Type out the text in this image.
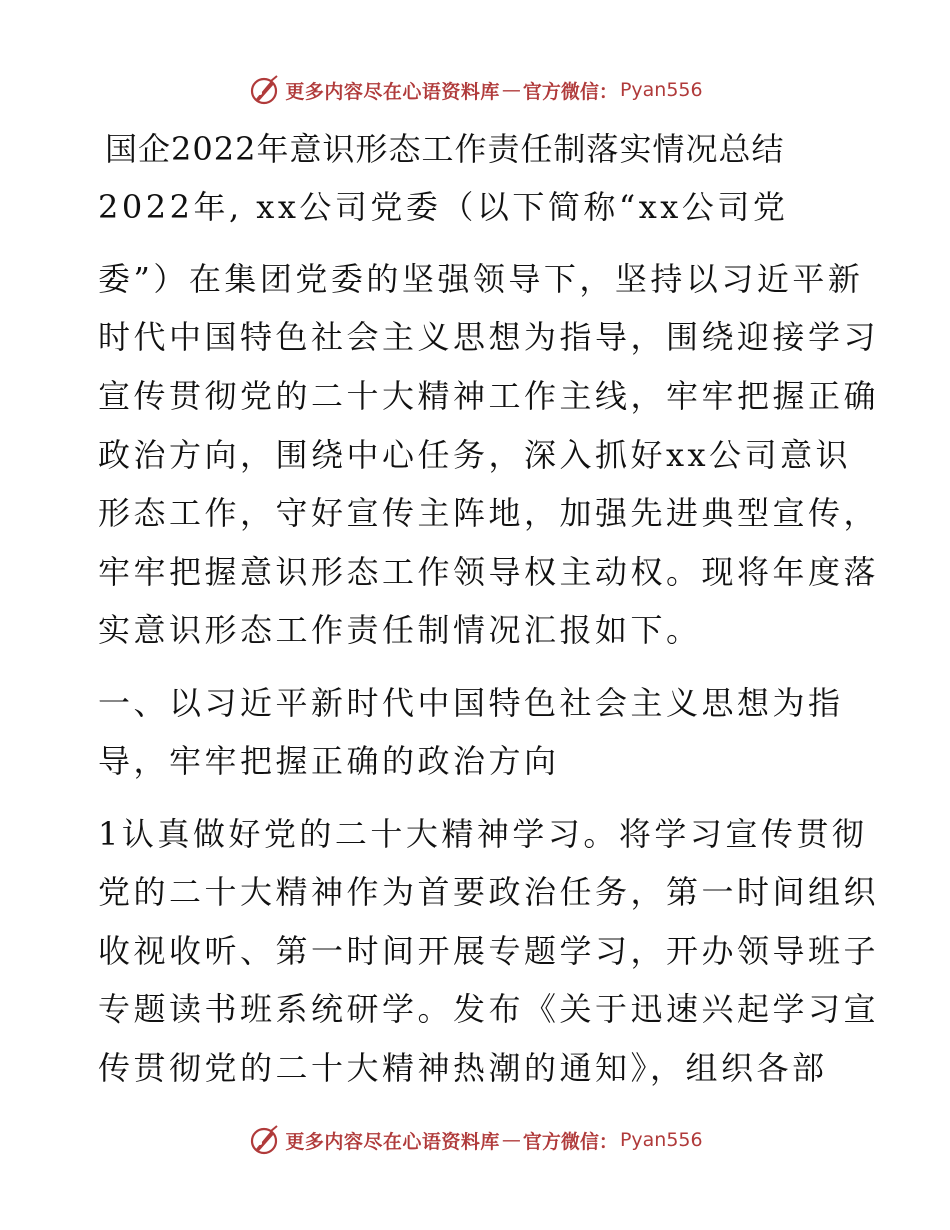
更多内容尽在心语资料库 — 官方微信： Pyan556
国企2022年意识形态工作责任制落实情况总结
2022年, xx公司党委（以下简称“xx公司党
委”）在集团党委的坚强领导下，坚持以习近平新
时代中国特色社会主义思想为指导，围绕迎接学习
宣传贯彻党的二十大精神工作主线，牢牢把握正确
政治方向，围绕中心任务，深入抓好xx公司意识
形态工作，守好宣传主阵地，加强先进典型宣传，
牢牢把握意识形态工作领导权主动权。现将年度落
实意识形态工作责任制情况汇报如下。
一、以习近平新时代中国特色社会主义思想为指
导，牢牢把握正确的政治方向
1认真做好党的二十大精神学习。将学习宣传贯彻
党的二十大精神作为首要政治任务，第一时间组织
收视收听、第一时间开展专题学习，开办领导班子
专题读书班系统研学。发布《关于迅速兴起学习宣
传贯彻党的二十大精神热潮的通知》，组织各部
更多内容尽在心语资料库 — 官方微信： Pyan556
